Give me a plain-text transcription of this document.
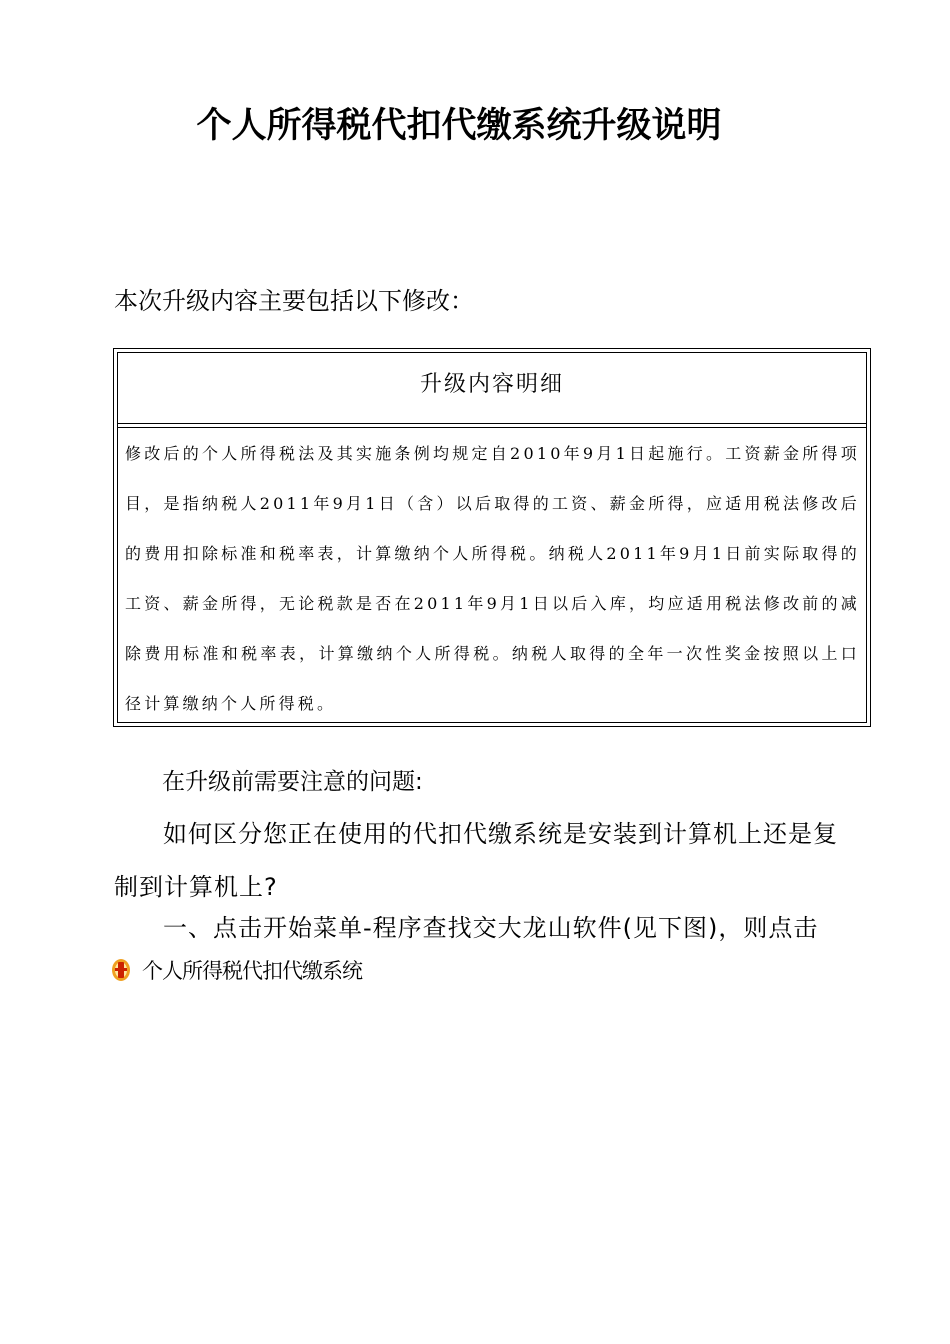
个人所得税代扣代缴系统升级说明
本次升级内容主要包括以下修改：
升级内容明细
修改后的个人所得税法及其实施条例均规定自2010年9月1日起施行。工资薪金所得项目，是指纳税人2011年9月1日（含）以后取得的工资、薪金所得，应适用税法修改后的费用扣除标准和税率表，计算缴纳个人所得税。纳税人2011年9月1日前实际取得的工资、薪金所得，无论税款是否在2011年9月1日以后入库，均应适用税法修改前的减除费用标准和税率表，计算缴纳个人所得税。纳税人取得的全年一次性奖金按照以上口径计算缴纳个人所得税。
在升级前需要注意的问题:
如何区分您正在使用的代扣代缴系统是安装到计算机上还是复制到计算机上?
一、点击开始菜单-程序查找交大龙山软件(见下图)，则点击
个人所得税代扣代缴系统
